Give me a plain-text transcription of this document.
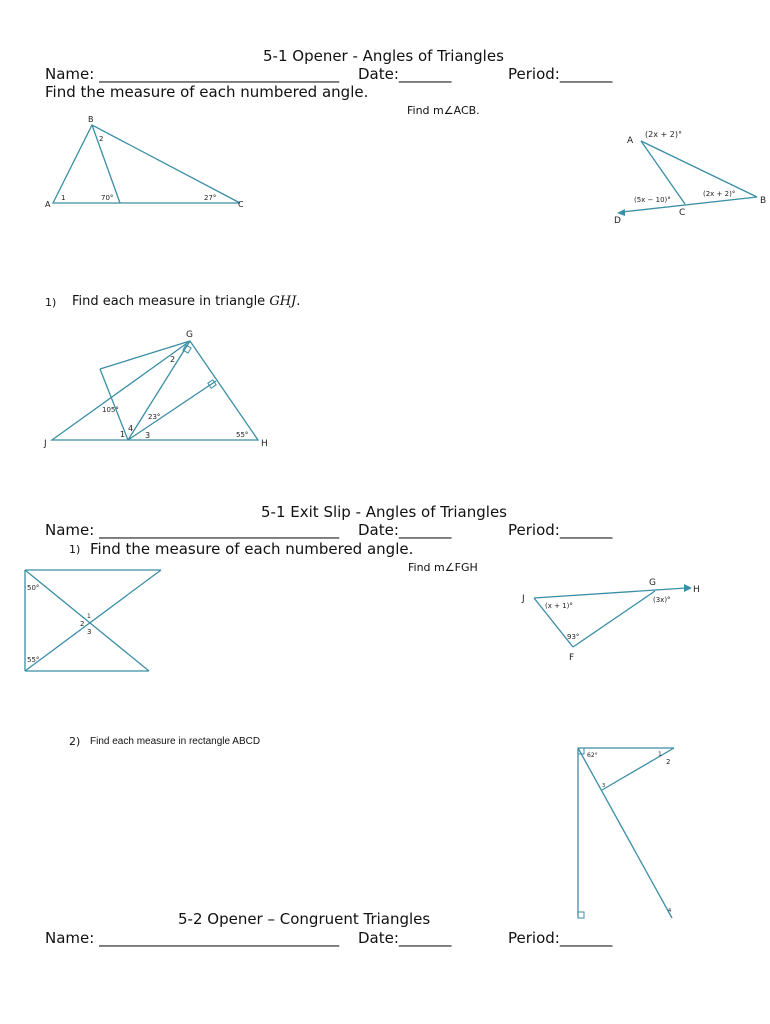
5-1 Opener - Angles of Triangles
Name: ________________________________ Date:_______	Period:_______
Find the measure of each numbered angle.
Find m∠ACB.
B
A	C
1
2
70°	27°
A
(2x + 2)°
B
C
D
(5x − 10)°
(2x + 2)°
1) Find each measure in triangle GHJ.
G
H
J
1
2
3
4
105°
23°
55°
5-1 Exit Slip - Angles of Triangles
Name: ________________________________ Date:_______	Period:_______
1) Find the measure of each numbered angle.
Find m∠FGH
50°
55°
1
2
3
G
H
J
F
(x + 1)°
(3x)°
93°
62°	1
2
3
4
2) Find each measure in rectangle ABCD
5-2 Opener – Congruent Triangles
Name: ________________________________ Date:_______	Period:_______
